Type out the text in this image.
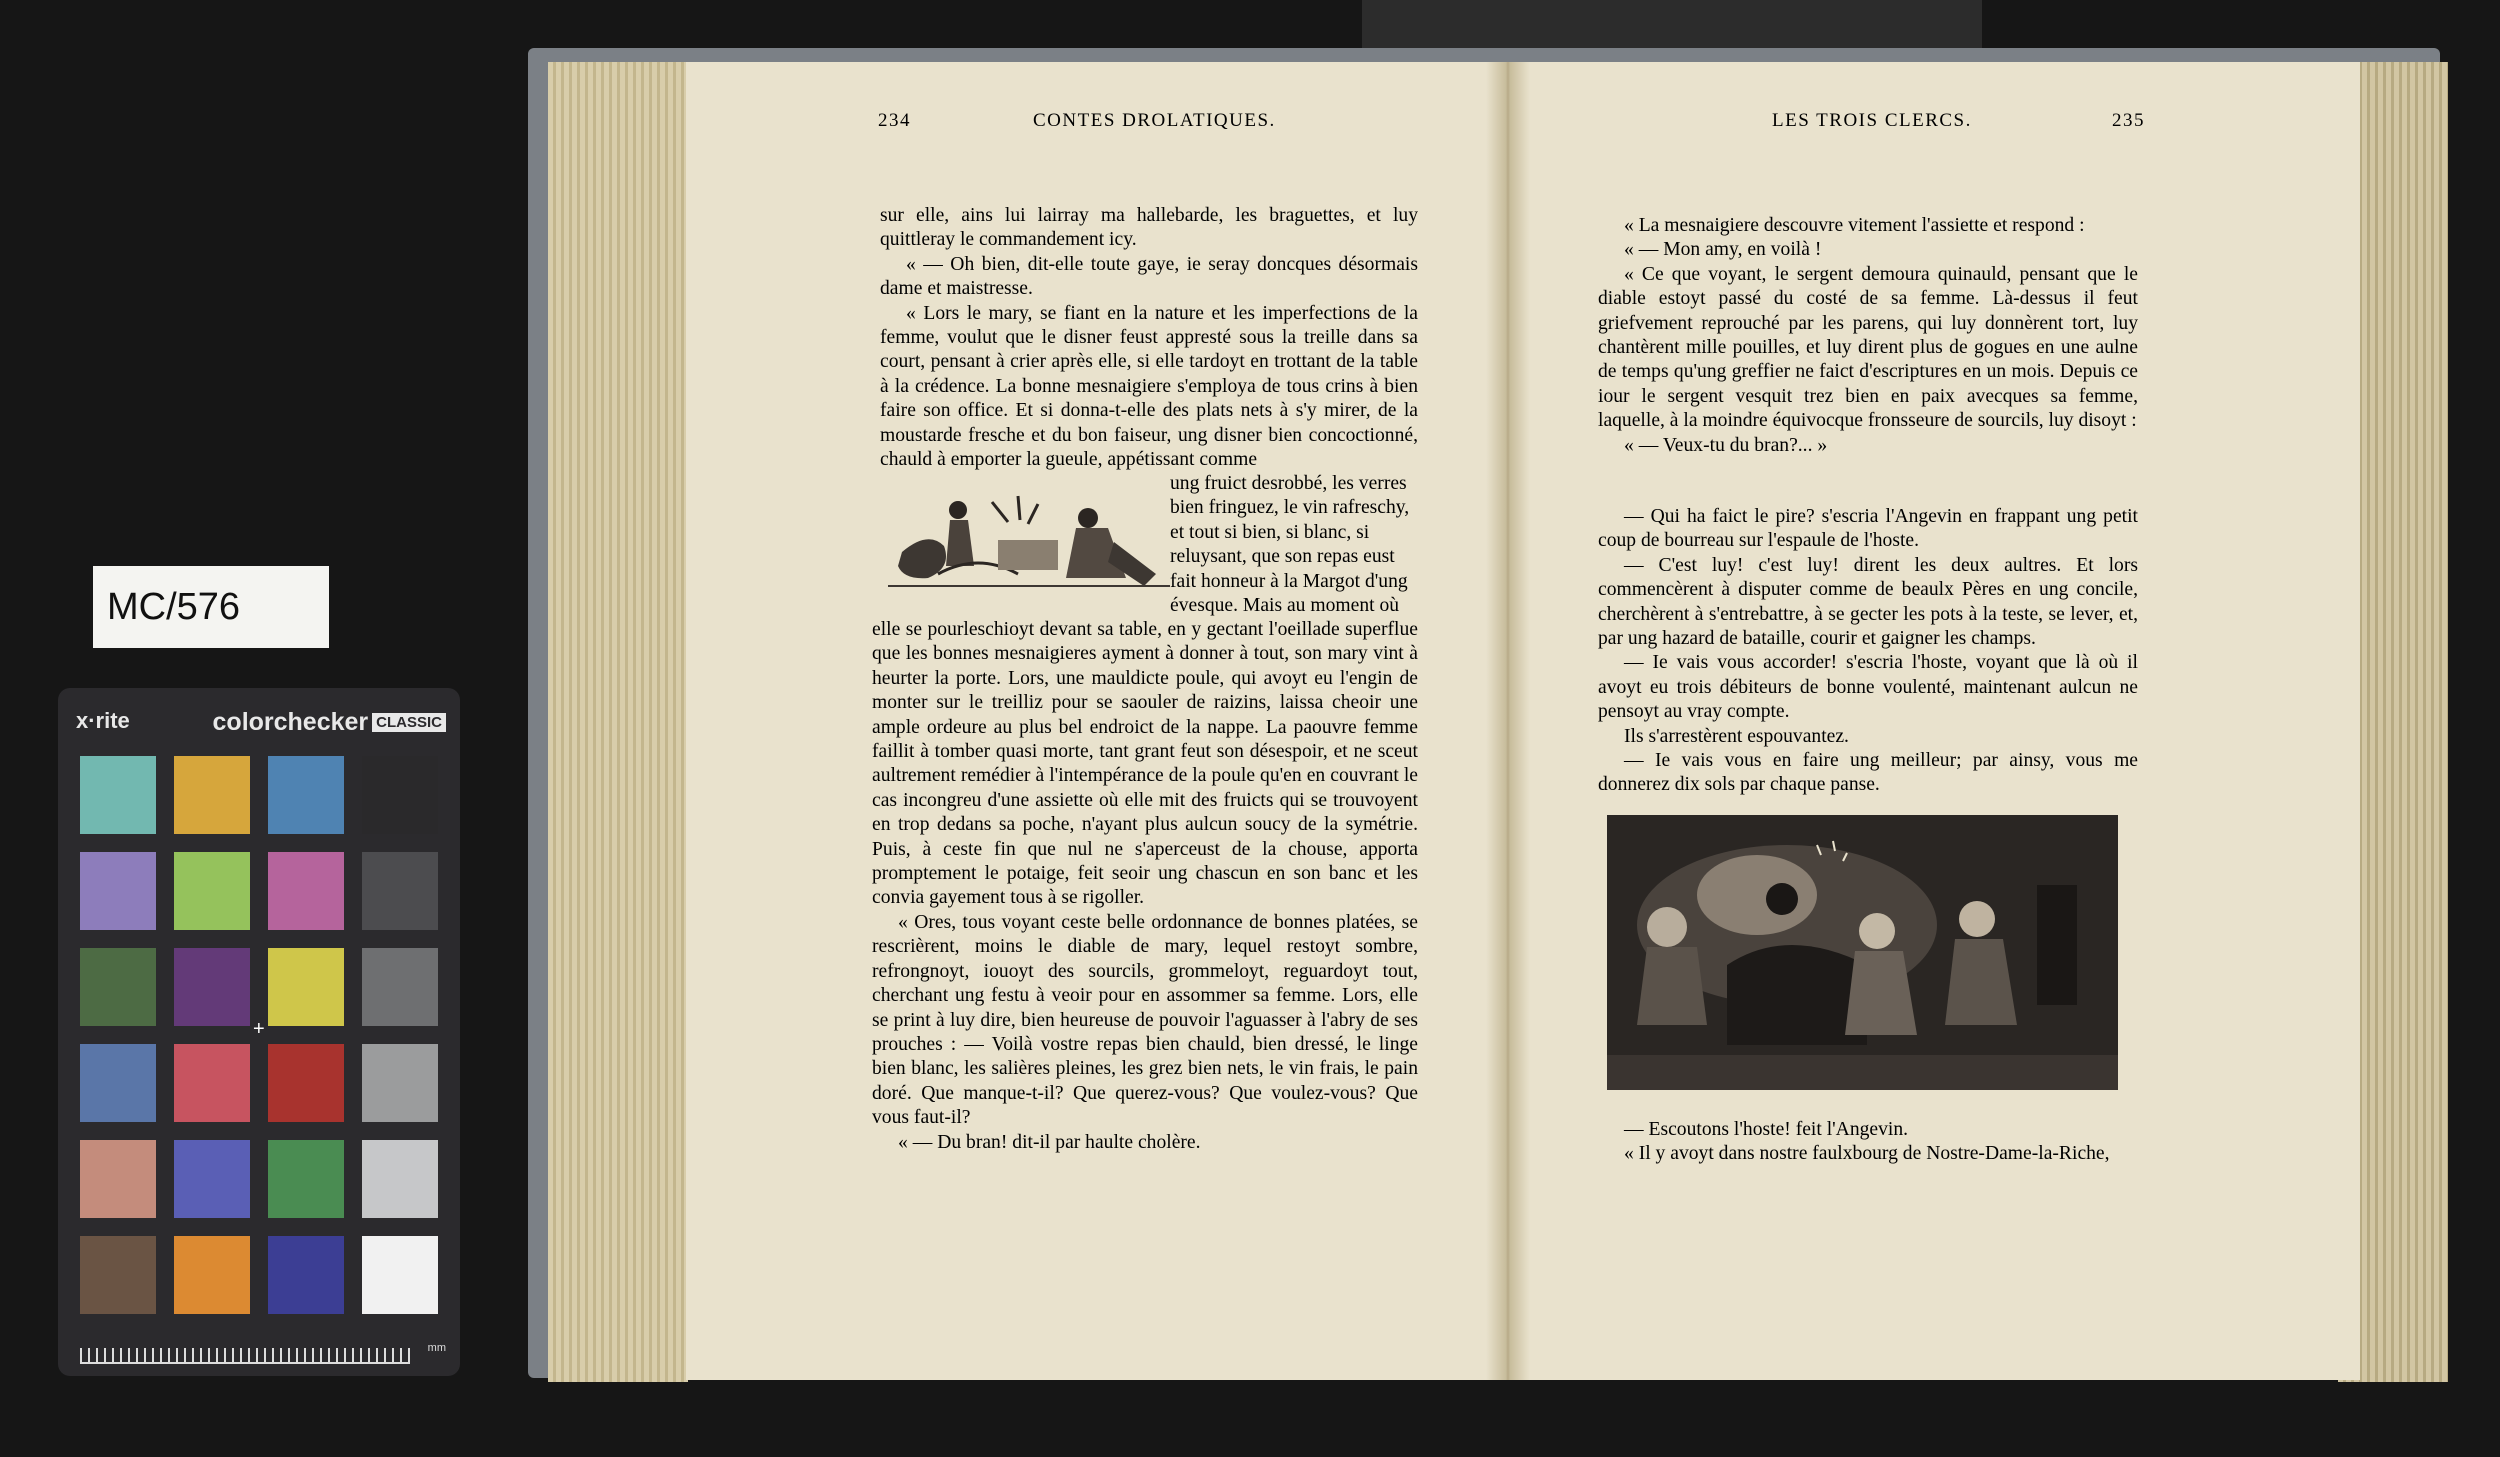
MC/576
x·rite	colorchecker CLASSIC
+
mm
234	CONTES DROLATIQUES.

sur elle, ains lui lairray ma hallebarde, les braguettes, et luy quittleray le commandement icy.

« — Oh bien, dit-elle toute gaye, ie seray doncques désormais dame et maistresse.

« Lors le mary, se fiant en la nature et les imperfections de la femme, voulut que le disner feust appresté sous la treille dans sa court, pensant à crier après elle, si elle tardoyt en trottant de la table à la crédence. La bonne mesnaigiere s'employa de tous crins à bien faire son office. Et si donna-t-elle des plats nets à s'y mirer, de la moustarde fresche et du bon faiseur, ung disner bien concoctionné, chauld à emporter la gueule, appétissant comme

ung fruict desrobbé, les verres
bien fringuez, le vin rafreschy,
et tout si bien, si blanc, si
reluysant, que son repas eust
fait honneur à la Margot d'ung
évesque. Mais au moment où

elle se pourleschioyt devant sa table, en y gectant l'oeillade superflue que les bonnes mesnaigieres ayment à donner à tout, son mary vint à heurter la porte. Lors, une mauldicte poule, qui avoyt eu l'engin de monter sur le treilliz pour se saouler de raizins, laissa cheoir une ample ordeure au plus bel endroict de la nappe. La paouvre femme faillit à tomber quasi morte, tant grant feut son désespoir, et ne sceut aultrement remédier à l'intempérance de la poule qu'en en couvrant le cas incongreu d'une assiette où elle mit des fruicts qui se trouvoyent en trop dedans sa poche, n'ayant plus aulcun soucy de la symétrie. Puis, à ceste fin que nul ne s'aperceust de la chouse, apporta promptement le potaige, feit seoir ung chascun en son banc et les convia gayement tous à se rigoller.

« Ores, tous voyant ceste belle ordonnance de bonnes platées, se rescrièrent, moins le diable de mary, lequel restoyt sombre, refrongnoyt, iouoyt des sourcils, grommeloyt, reguardoyt tout, cherchant ung festu à veoir pour en assommer sa femme. Lors, elle se print à luy dire, bien heureuse de pouvoir l'aguasser à l'abry de ses prouches : — Voilà vostre repas bien chauld, bien dressé, le linge bien blanc, les salières pleines, les grez bien nets, le vin frais, le pain doré. Que manque-t-il? Que querez-vous? Que voulez-vous? Que vous faut-il?

« — Du bran! dit-il par haulte cholère.

LES TROIS CLERCS.	235

« La mesnaigiere descouvre vitement l'assiette et respond :

« — Mon amy, en voilà !

« Ce que voyant, le sergent demoura quinauld, pensant que le diable estoyt passé du costé de sa femme. Là-dessus il feut griefvement reprouché par les parens, qui luy donnèrent tort, luy chantèrent mille pouilles, et luy dirent plus de gogues en une aulne de temps qu'ung greffier ne faict d'escriptures en un mois. Depuis ce iour le sergent vesquit trez bien en paix avecques sa femme, laquelle, à la moindre équivocque fronsseure de sourcils, luy disoyt :

« — Veux-tu du bran?... »

— Qui ha faict le pire? s'escria l'Angevin en frappant ung petit coup de bourreau sur l'espaule de l'hoste.

— C'est luy! c'est luy! dirent les deux aultres. Et lors commencèrent à disputer comme de beaulx Pères en ung concile, cherchèrent à s'entrebattre, à se gecter les pots à la teste, se lever, et, par ung hazard de bataille, courir et gaigner les champs.

— Ie vais vous accorder! s'escria l'hoste, voyant que là où il avoyt eu trois débiteurs de bonne voulenté, maintenant aulcun ne pensoyt au vray compte.

Ils s'arrestèrent espouvantez.

— Ie vais vous en faire ung meilleur; par ainsy, vous me donnerez dix sols par chaque panse.

— Escoutons l'hoste! feit l'Angevin.

« Il y avoyt dans nostre faulxbourg de Nostre-Dame-la-Riche,
